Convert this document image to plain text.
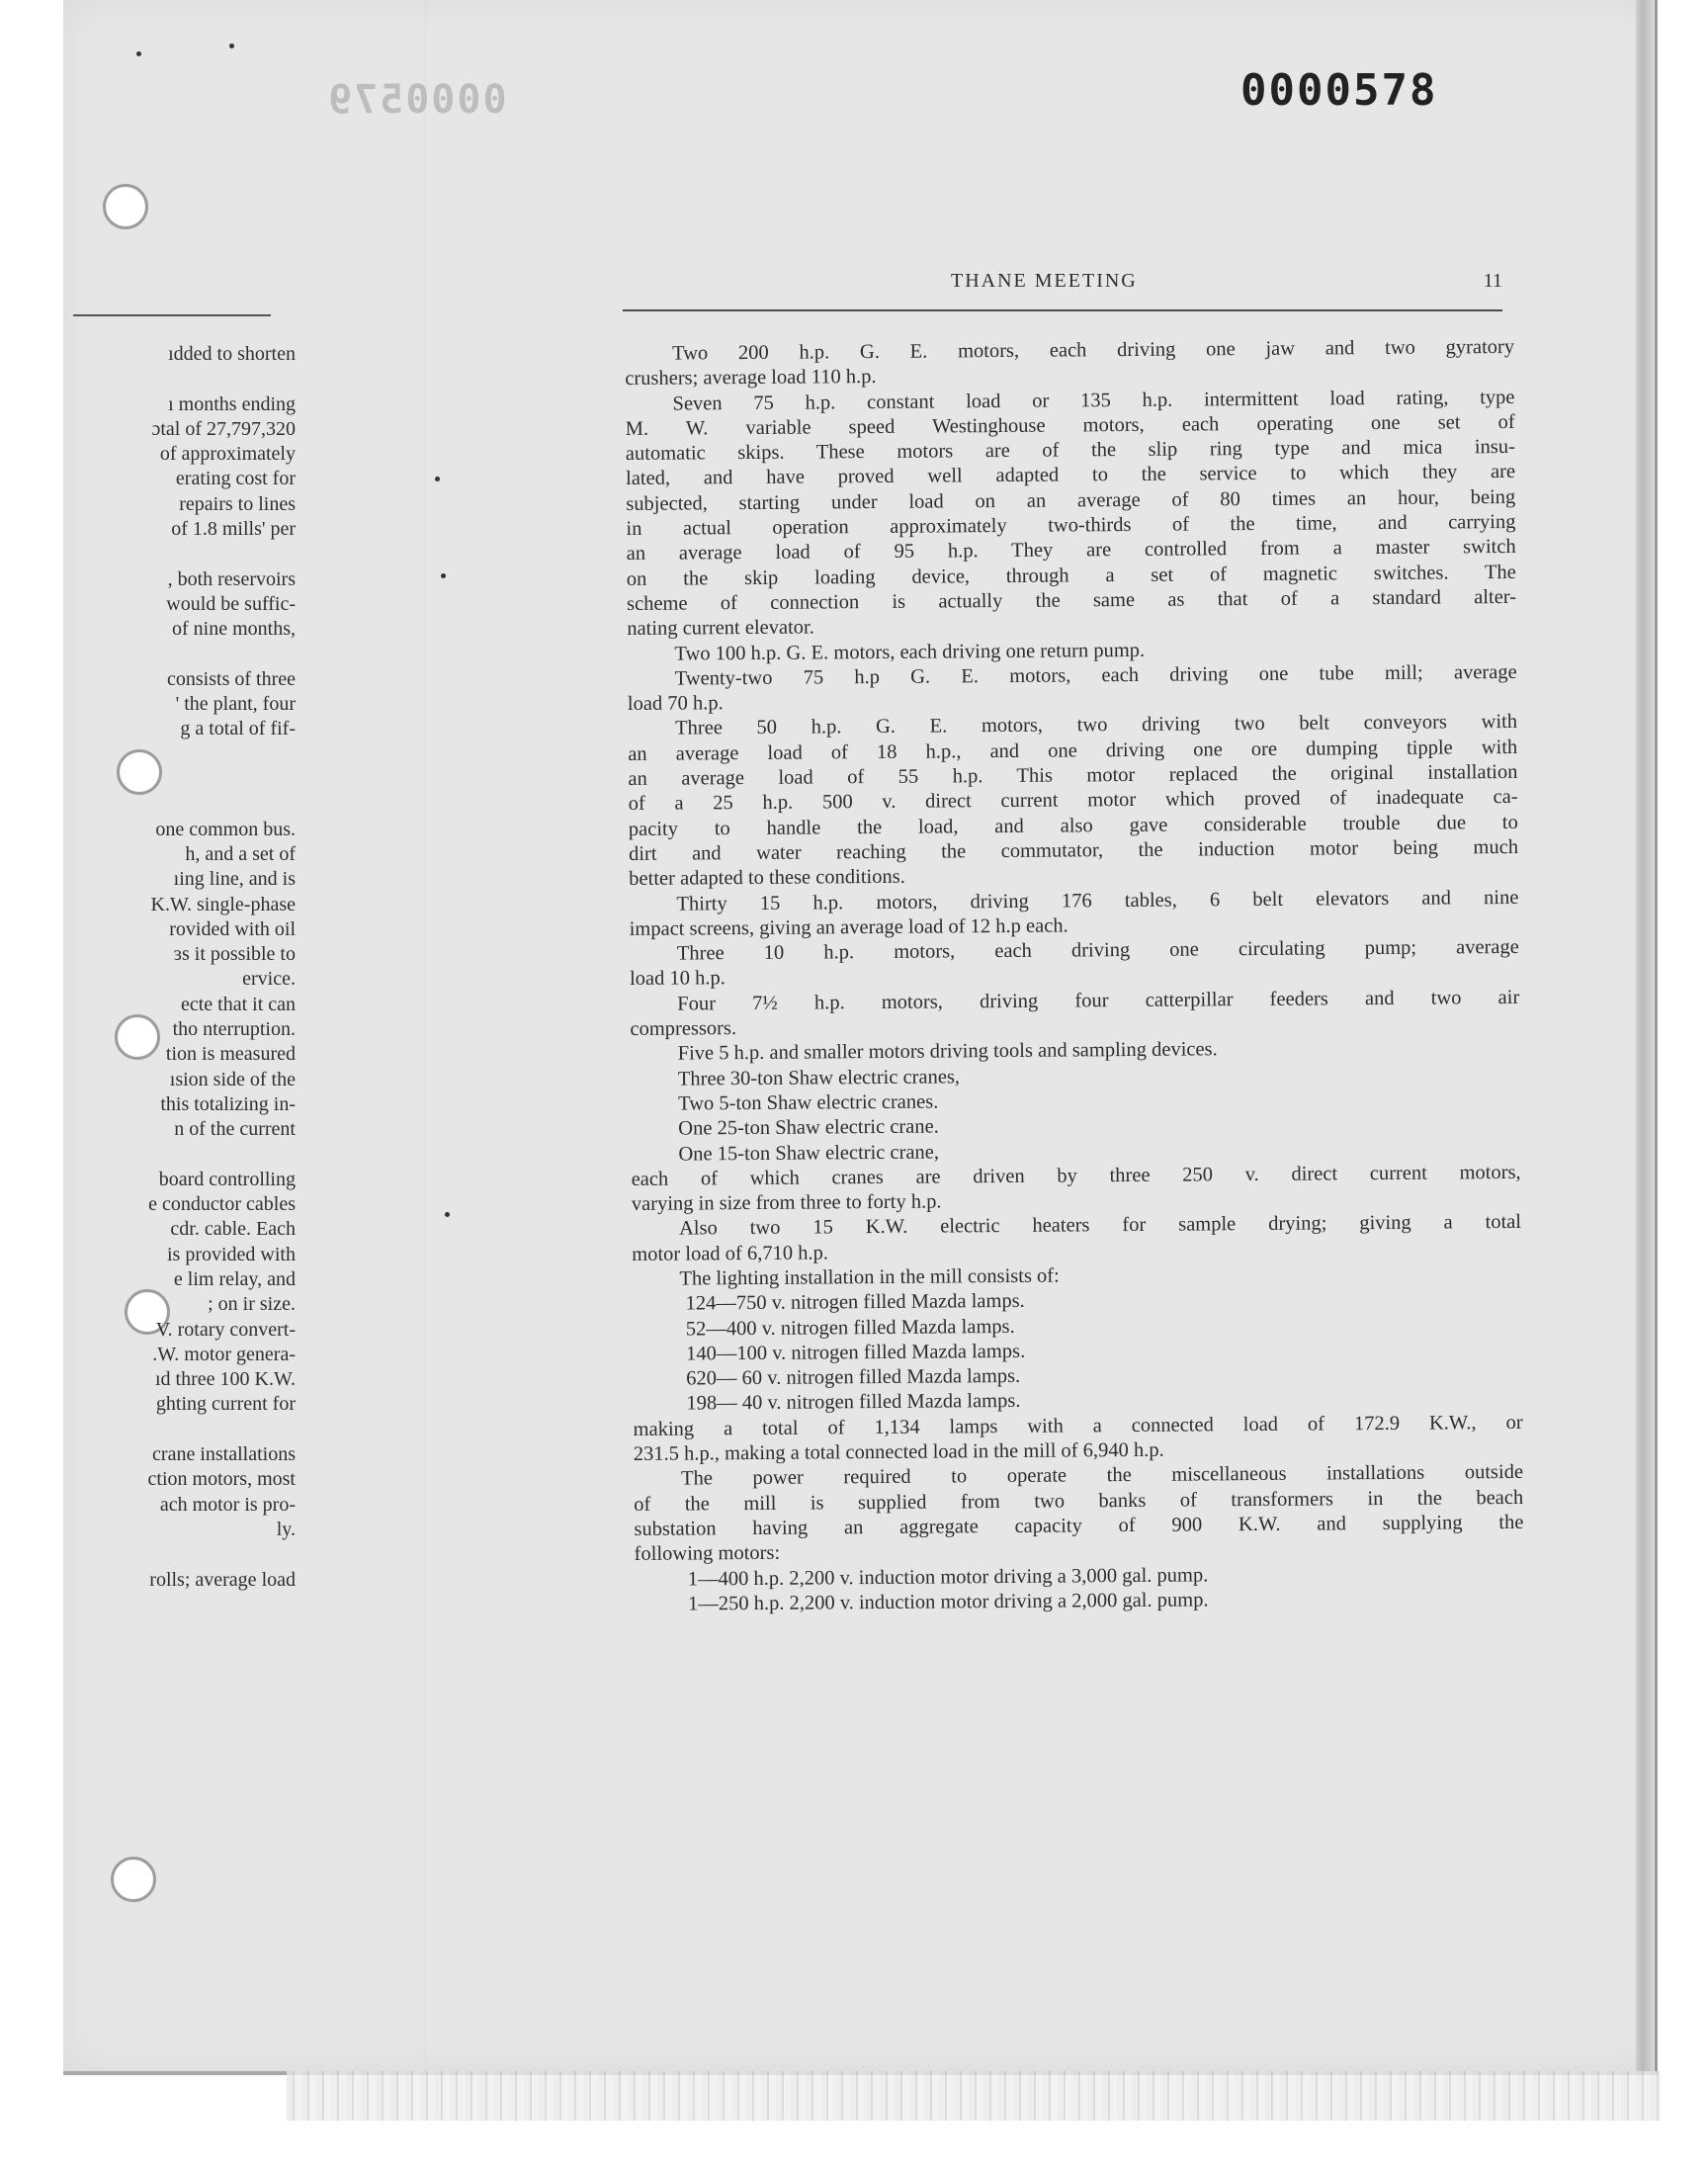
0000578
0000579
ıdded to shorten

ı months ending
ɔtal of 27,797,320
of approximately
erating cost for
repairs to lines
of 1.8 mills' per

, both reservoirs
would be suffic-
of nine months,

consists of three
' the plant, four
g a total of fif-

one common bus.
h, and a set of
ıing line, and is
K.W. single-phase
rovided with oil
ɜs it possible to
ervice.
ecte that it can
tho nterruption.
tion is measured
ısion side of the
this totalizing in-
n of the current

board controlling
e conductor cables
cdr. cable. Each
is provided with
e lim relay, and
; on ir size.
V. rotary convert-
.W. motor genera-
ıd three 100 K.W.
ghting current for

crane installations
ction motors, most
ach motor is pro-
ly.

rolls; average load
THANE MEETING	11
Two 200 h.p. G. E. motors, each driving one jaw and two gyratory
crushers; average load 110 h.p.
Seven 75 h.p. constant load or 135 h.p. intermittent load rating, type
M. W. variable speed Westinghouse motors, each operating one set of
automatic skips. These motors are of the slip ring type and mica insu-
lated, and have proved well adapted to the service to which they are
subjected, starting under load on an average of 80 times an hour, being
in actual operation approximately two-thirds of the time, and carrying
an average load of 95 h.p. They are controlled from a master switch
on the skip loading device, through a set of magnetic switches. The
scheme of connection is actually the same as that of a standard alter-
nating current elevator.
Two 100 h.p. G. E. motors, each driving one return pump.
Twenty-two 75 h.p G. E. motors, each driving one tube mill; average
load 70 h.p.
Three 50 h.p. G. E. motors, two driving two belt conveyors with
an average load of 18 h.p., and one driving one ore dumping tipple with
an average load of 55 h.p. This motor replaced the original installation
of a 25 h.p. 500 v. direct current motor which proved of inadequate ca-
pacity to handle the load, and also gave considerable trouble due to
dirt and water reaching the commutator, the induction motor being much
better adapted to these conditions.
Thirty 15 h.p. motors, driving 176 tables, 6 belt elevators and nine
impact screens, giving an average load of 12 h.p each.
Three 10 h.p. motors, each driving one circulating pump; average
load 10 h.p.
Four 7½ h.p. motors, driving four catterpillar feeders and two air
compressors.
Five 5 h.p. and smaller motors driving tools and sampling devices.
Three 30-ton Shaw electric cranes,
Two 5-ton Shaw electric cranes.
One 25-ton Shaw electric crane.
One 15-ton Shaw electric crane,
each of which cranes are driven by three 250 v. direct current motors,
varying in size from three to forty h.p.
Also two 15 K.W. electric heaters for sample drying; giving a total
motor load of 6,710 h.p.
The lighting installation in the mill consists of:
124—750 v. nitrogen filled Mazda lamps.
52—400 v. nitrogen filled Mazda lamps.
140—100 v. nitrogen filled Mazda lamps.
620— 60 v. nitrogen filled Mazda lamps.
198— 40 v. nitrogen filled Mazda lamps.
making a total of 1,134 lamps with a connected load of 172.9 K.W., or
231.5 h.p., making a total connected load in the mill of 6,940 h.p.
The power required to operate the miscellaneous installations outside
of the mill is supplied from two banks of transformers in the beach
substation having an aggregate capacity of 900 K.W. and supplying the
following motors:
1—400 h.p. 2,200 v. induction motor driving a 3,000 gal. pump.
1—250 h.p. 2,200 v. induction motor driving a 2,000 gal. pump.
